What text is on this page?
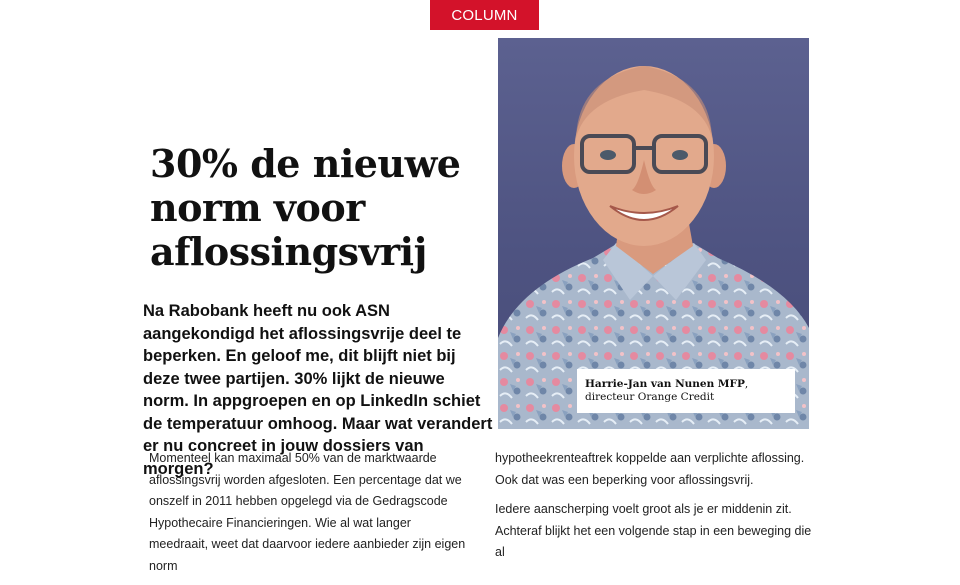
COLUMN
30% de nieuwe norm voor aflossingsvrij

Na Rabobank heeft nu ook ASN aangekondigd het aflossingsvrije deel te beperken. En geloof me, dit blijft niet bij deze twee partijen. 30% lijkt de nieuwe norm. In appgroepen en op LinkedIn schiet de temperatuur omhoog. Maar wat verandert er nu concreet in jouw dossiers van morgen?

Harrie-Jan van Nunen MFP, directeur Orange Credit

Momenteel kan maximaal 50% van de marktwaarde aflossingsvrij worden afgesloten. Een percentage dat we onszelf in 2011 hebben opgelegd via de Gedragscode Hypothecaire Financieringen. Wie al wat langer meedraait, weet dat daarvoor iedere aanbieder zijn eigen norm

hypotheekrenteaftrek koppelde aan verplichte aflossing. Ook dat was een beperking voor aflossingsvrij.

Iedere aanscherping voelt groot als je er middenin zit. Achteraf blijkt het een volgende stap in een beweging die al
